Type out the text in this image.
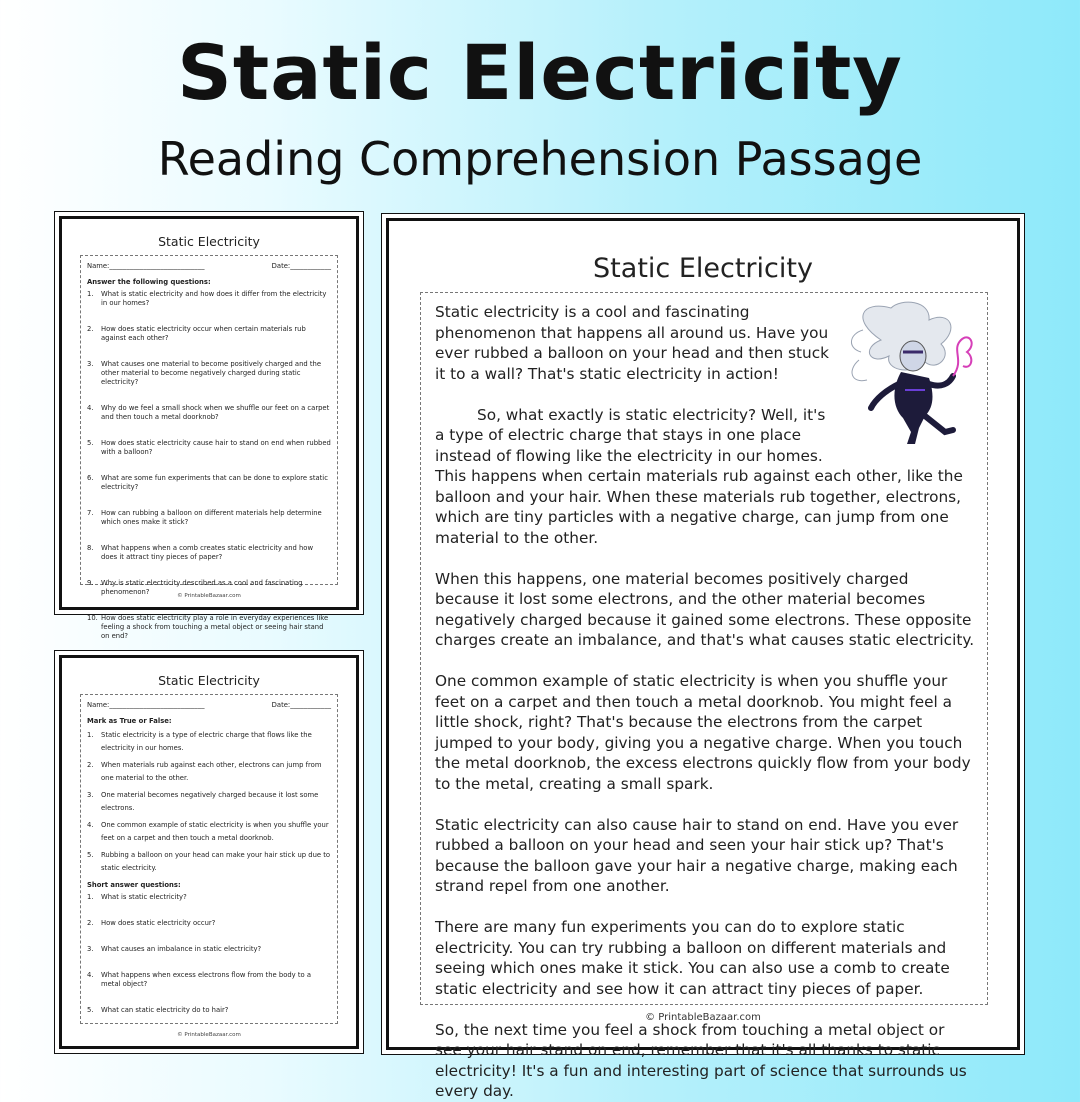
Static Electricity
Reading Comprehension Passage
Static Electricity
Name:____________________________	Date:____________
Answer the following questions:
1.	What is static electricity and how does it differ from the electricity in our homes?
2.	How does static electricity occur when certain materials rub against each other?
3.	What causes one material to become positively charged and the other material to become negatively charged during static electricity?
4.	Why do we feel a small shock when we shuffle our feet on a carpet and then touch a metal doorknob?
5.	How does static electricity cause hair to stand on end when rubbed with a balloon?
6.	What are some fun experiments that can be done to explore static electricity?
7.	How can rubbing a balloon on different materials help determine which ones make it stick?
8.	What happens when a comb creates static electricity and how does it attract tiny pieces of paper?
9.	Why is static electricity described as a cool and fascinating phenomenon?
10. How does static electricity play a role in everyday experiences like feeling a shock from touching a metal object or seeing hair stand on end?
© PrintableBazaar.com
Static Electricity
Name:____________________________	Date:____________
Mark as True or False:
1.	Static electricity is a type of electric charge that flows like the electricity in our homes.
2.	When materials rub against each other, electrons can jump from one material to the other.
3.	One material becomes negatively charged because it lost some electrons.
4.	One common example of static electricity is when you shuffle your feet on a carpet and then touch a metal doorknob.
5.	Rubbing a balloon on your head can make your hair stick up due to static electricity.
Short answer questions:
1.	What is static electricity?
2.	How does static electricity occur?
3.	What causes an imbalance in static electricity?
4.	What happens when excess electrons flow from the body to a metal object?
5.	What can static electricity do to hair?
© PrintableBazaar.com
Static Electricity

Static electricity is a cool and fascinating phenomenon that happens all around us. Have you ever rubbed a balloon on your head and then stuck it to a wall? That's static electricity in action!

So, what exactly is static electricity? Well, it's a type of electric charge that stays in one place instead of flowing like the electricity in our homes. This happens when certain materials rub against each other, like the balloon and your hair. When these materials rub together, electrons, which are tiny particles with a negative charge, can jump from one material to the other.

When this happens, one material becomes positively charged because it lost some electrons, and the other material becomes negatively charged because it gained some electrons. These opposite charges create an imbalance, and that's what causes static electricity.

One common example of static electricity is when you shuffle your feet on a carpet and then touch a metal doorknob. You might feel a little shock, right? That's because the electrons from the carpet jumped to your body, giving you a negative charge. When you touch the metal doorknob, the excess electrons quickly flow from your body to the metal, creating a small spark.

Static electricity can also cause hair to stand on end. Have you ever rubbed a balloon on your head and seen your hair stick up? That's because the balloon gave your hair a negative charge, making each strand repel from one another.

There are many fun experiments you can do to explore static electricity. You can try rubbing a balloon on different materials and seeing which ones make it stick. You can also use a comb to create static electricity and see how it can attract tiny pieces of paper.

So, the next time you feel a shock from touching a metal object or see your hair stand on end, remember that it's all thanks to static electricity! It's a fun and interesting part of science that surrounds us every day.

© PrintableBazaar.com
